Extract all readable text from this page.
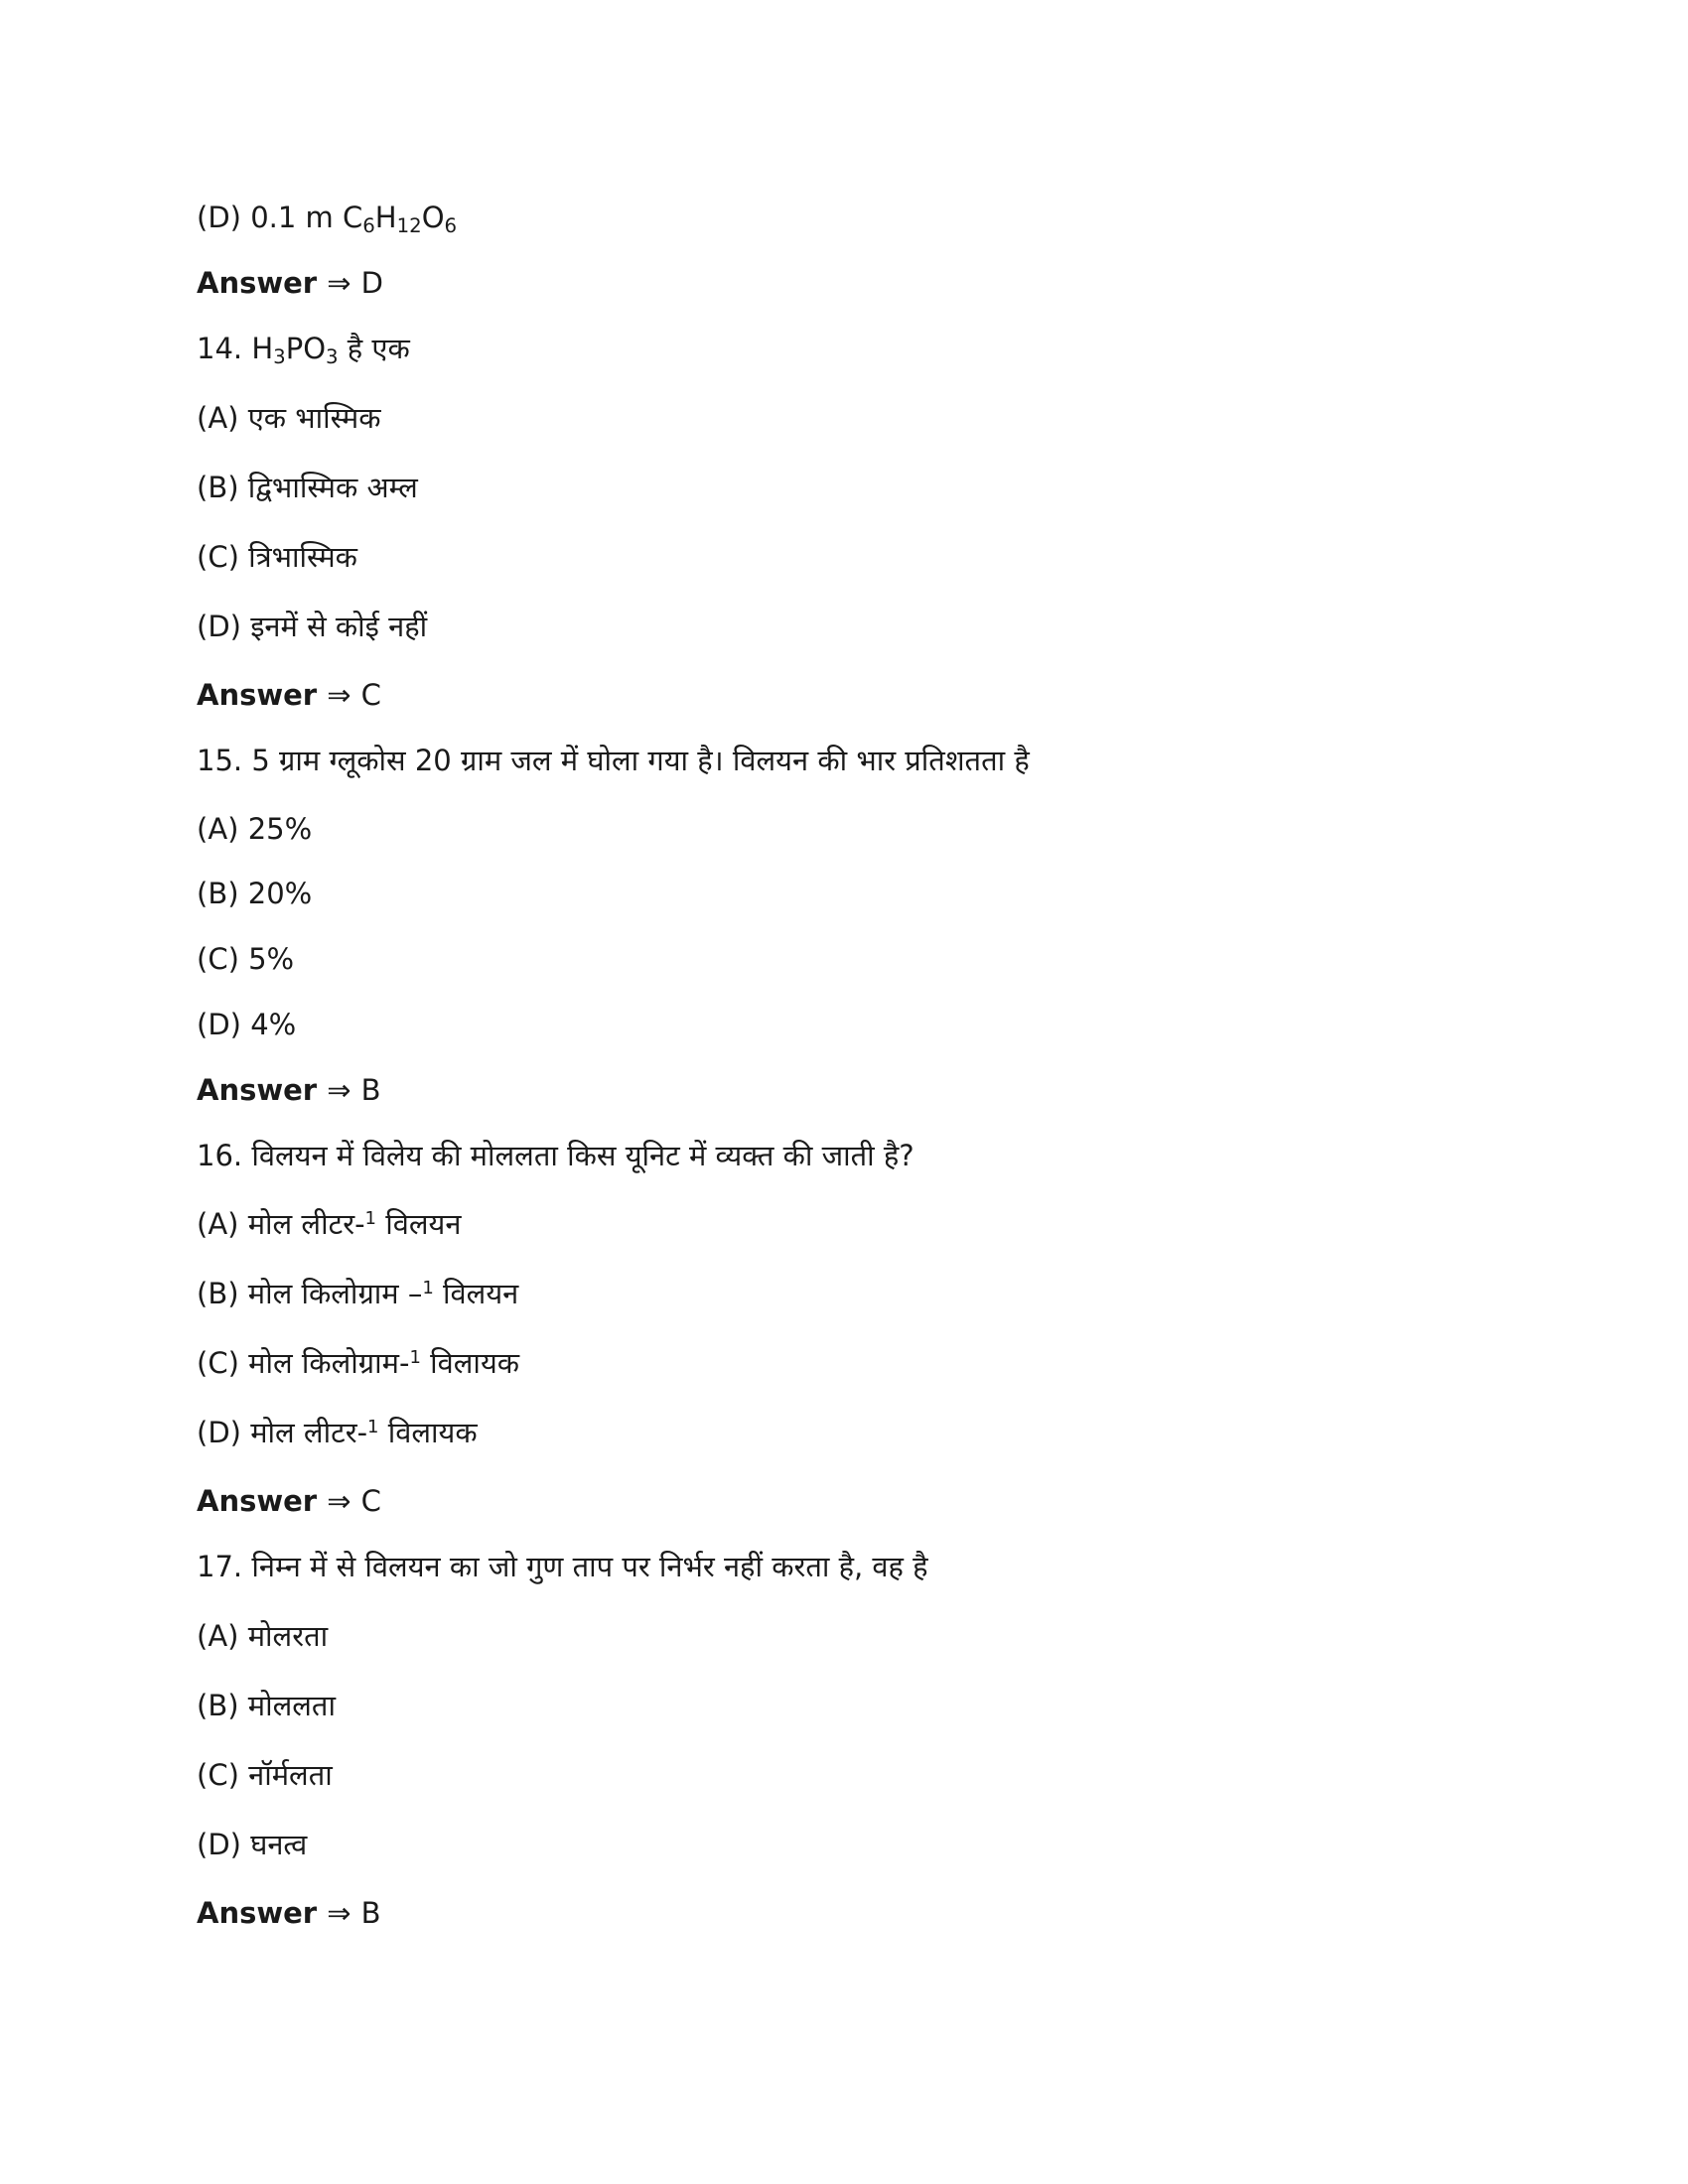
(D) 0.1 m $C_6H_{12}O_6$
Answer ⇒ D
14. $H_3PO_3$ है एक
(A) एक भास्मिक
(B) द्विभास्मिक अम्ल
(C) त्रिभास्मिक
(D) इनमें से कोई नहीं
Answer ⇒ C
15. 5 ग्राम ग्लूकोस 20 ग्राम जल में घोला गया है। विलयन की भार प्रतिशतता है
(A) 25%
(B) 20%
(C) 5%
(D) 4%
Answer ⇒ B
16. विलयन में विलेय की मोललता किस यूनिट में व्यक्त की जाती है?
(A) मोल लीटर-$^1$ विलयन
(B) मोल किलोग्राम –$^1$ विलयन
(C) मोल किलोग्राम-$^1$ विलायक
(D) मोल लीटर-$^1$ विलायक
Answer ⇒ C
17. निम्न में से विलयन का जो गुण ताप पर निर्भर नहीं करता है, वह है
(A) मोलरता
(B) मोललता
(C) नॉर्मलता
(D) घनत्व
Answer ⇒ B
